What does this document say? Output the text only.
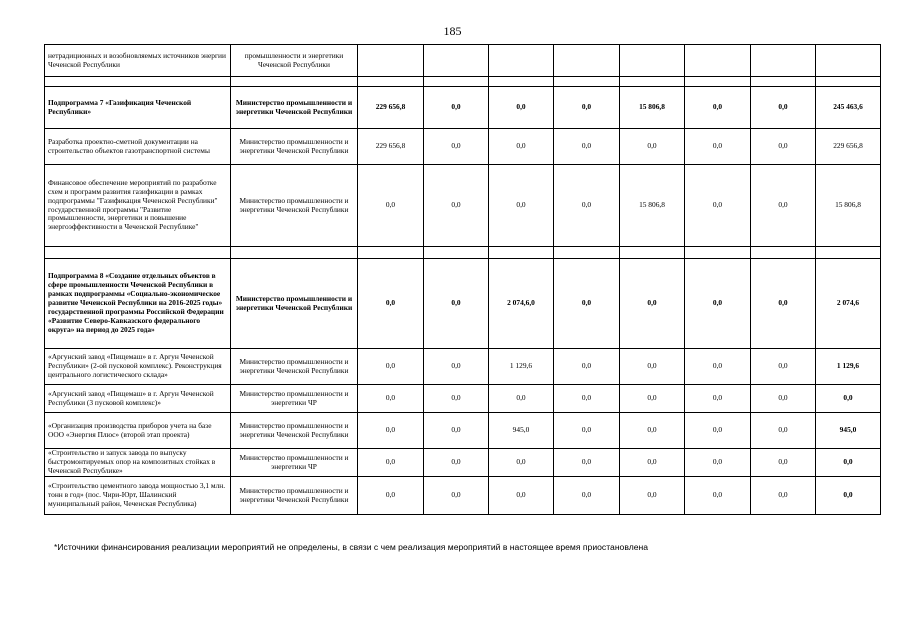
185
нетрадиционных и возобновляемых источников энергии Чеченской Республики	промышленности и энергетики Чеченской Республики								

Подпрограмма 7 «Газификация Чеченской Республики»	Министерство промышленности и энергетики Чеченской Республики	229 656,8	0,0	0,0	0,0	15 806,8	0,0	0,0	245 463,6
Разработка проектно-сметной документации на строительство объектов газотранспортной системы	Министерство промышленности и энергетики Чеченской Республики	229 656,8	0,0	0,0	0,0	0,0	0,0	0,0	229 656,8
Финансовое обеспечение мероприятий по разработке схем и программ развития газификации в рамках подпрограммы "Газификация Чеченской Республики" государственной программы "Развитие промышленности, энергетики и повышение энергоэффективности в Чеченской Республике"	Министерство промышленности и энергетики Чеченской Республики	0,0	0,0	0,0	0,0	15 806,8	0,0	0,0	15 806,8

Подпрограмма 8 «Создание отдельных объектов в сфере промышленности Чеченской Республики в рамках подпрограммы «Социально-экономическое развитие Чеченской Республики на 2016-2025 годы» государственной программы Российской Федерации «Развитие Северо-Кавказского федерального округа» на период до 2025 года»	Министерство промышленности и энергетики Чеченской Республики	0,0	0,0	2 074,6,0	0,0	0,0	0,0	0,0	2 074,6
«Аргунский завод «Пищемаш» в г. Аргун Чеченской Республики» (2-ой пусковой комплекс). Реконструкция центрального логистического склада»	Министерство промышленности и энергетики Чеченской Республики	0,0	0,0	1 129,6	0,0	0,0	0,0	0,0	1 129,6
«Аргунский завод «Пищемаш» в г. Аргун Чеченской Республики (3 пусковой комплекс)»	Министерство промышленности и энергетики ЧР	0,0	0,0	0,0	0,0	0,0	0,0	0,0	0,0
«Организация производства приборов учета на базе ООО «Энергия Плюс» (второй этап проекта)	Министерство промышленности и энергетики Чеченской Республики	0,0	0,0	945,0	0,0	0,0	0,0	0,0	945,0
«Строительство и запуск завода по выпуску быстромонтируемых опор на композитных стойках в Чеченской Республике»	Министерство промышленности и энергетики ЧР	0,0	0,0	0,0	0,0	0,0	0,0	0,0	0,0
«Строительство цементного завода мощностью 3,1 млн. тонн в год» (пос. Чири-Юрт, Шалинский муниципальный район, Чеченская Республика)	Министерство промышленности и энергетики Чеченской Республики	0,0	0,0	0,0	0,0	0,0	0,0	0,0	0,0
*Источники финансирования реализации мероприятий не определены, в связи с чем реализация мероприятий в настоящее время приостановлена
